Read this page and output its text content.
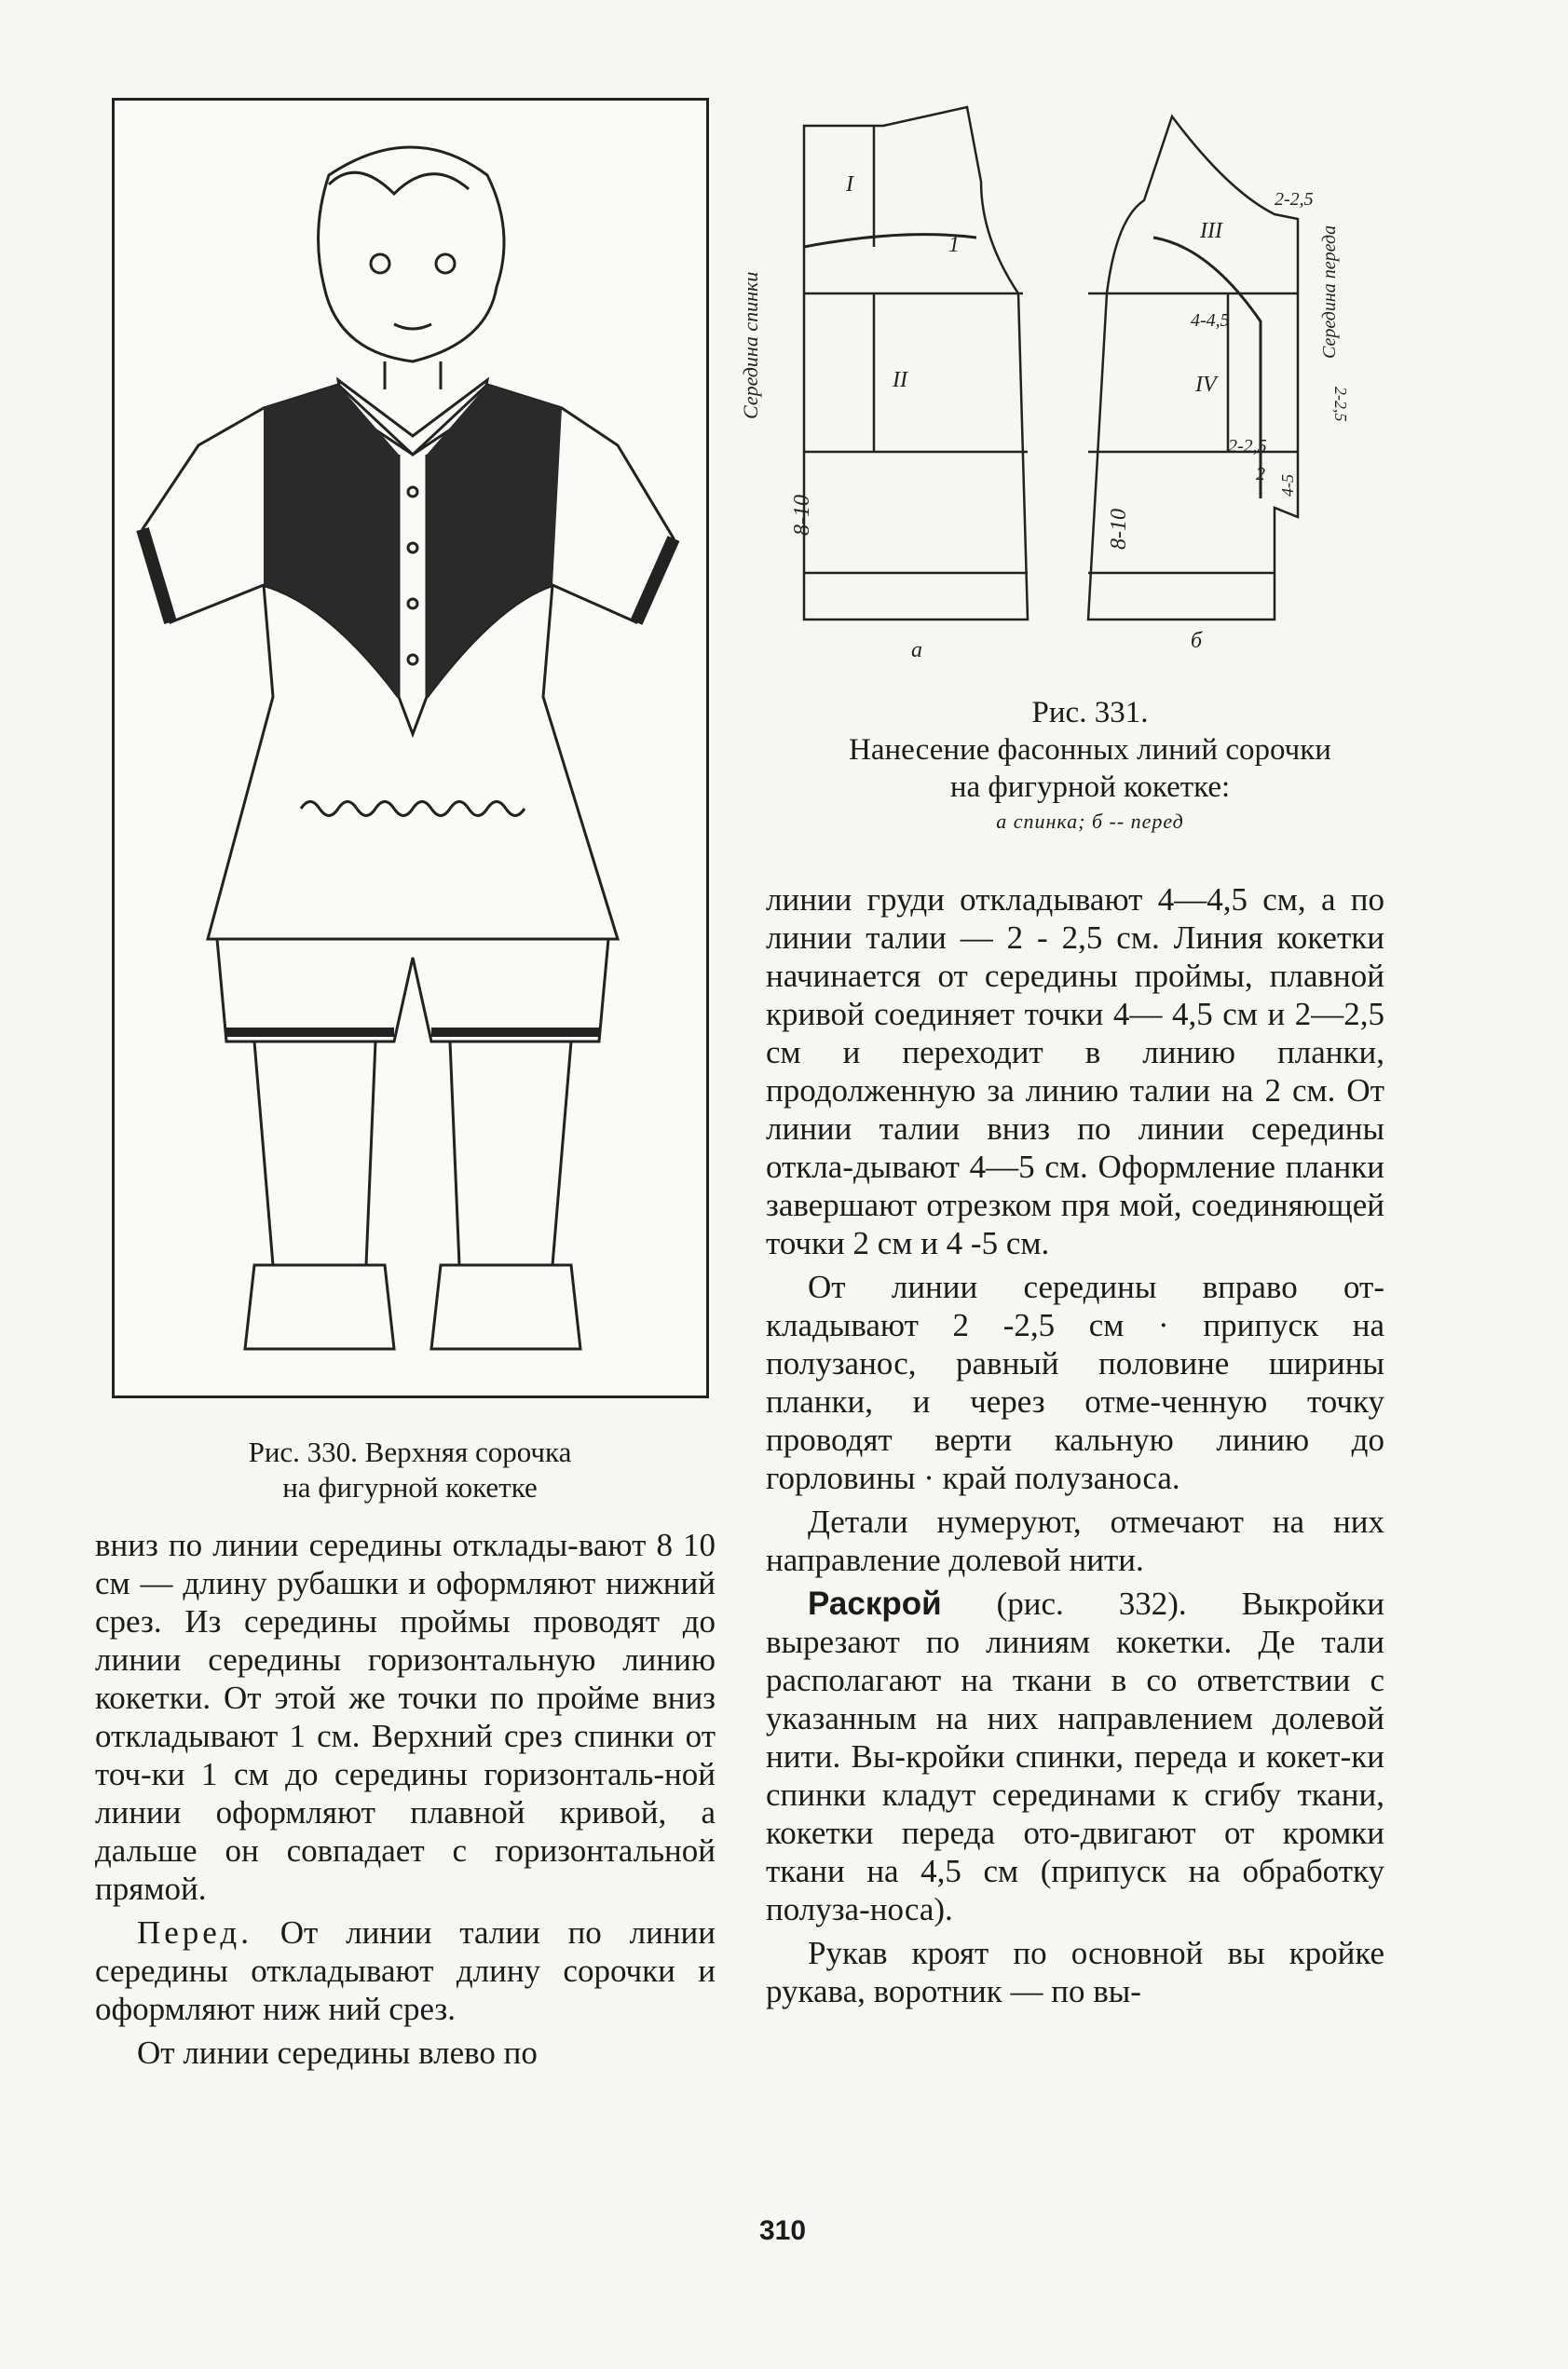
Рис. 330. Верхняя сорочка
на фигурной кокетке
I
1
II
Середина спинки
8-10
III
2-2,5
4-4,5
IV
2-2,5
2 4-5
2-2,5
Середина переда
8-10
а	б
Рис. 331.
Нанесение фасонных линий сорочки
на фигурной кокетке:
а спинка; б -- перед

вниз по линии середины отклады-вают 8 10 см — длину рубашки и оформляют нижний срез. Из середины проймы проводят до линии середины горизонтальную линию кокетки. От этой же точки по пройме вниз откладывают 1 см. Верхний срез спинки от точ-ки 1 см до середины горизонталь-ной линии оформляют плавной кривой, а дальше он совпадает с горизонтальной прямой.

Перед. От линии талии по линии середины откладывают длину сорочки и оформляют ниж ний срез.

От линии середины влево по

линии груди откладывают 4—4,5 см, а по линии талии — 2 - 2,5 см. Линия кокетки начинается от середины проймы, плавной кривой соединяет точки 4— 4,5 см и 2—2,5 см и переходит в линию планки, продолженную за линию талии на 2 см. От линии талии вниз по линии середины откла-дывают 4—5 см. Оформление планки завершают отрезком пря мой, соединяющей точки 2 см и 4 -5 см.

От линии середины вправо от-кладывают 2 -2,5 см · припуск на полузанос, равный половине ширины планки, и через отме-ченную точку проводят верти кальную линию до горловины · край полузаноса.

Детали нумеруют, отмечают на них направление долевой нити.

Раскрой (рис. 332). Выкройки вырезают по линиям кокетки. Де тали располагают на ткани в со ответствии с указанным на них направлением долевой нити. Вы-кройки спинки, переда и кокет-ки спинки кладут серединами к сгибу ткани, кокетки переда ото-двигают от кромки ткани на 4,5 см (припуск на обработку полуза-носа).

Рукав кроят по основной вы кройке рукава, воротник — по вы-

310
